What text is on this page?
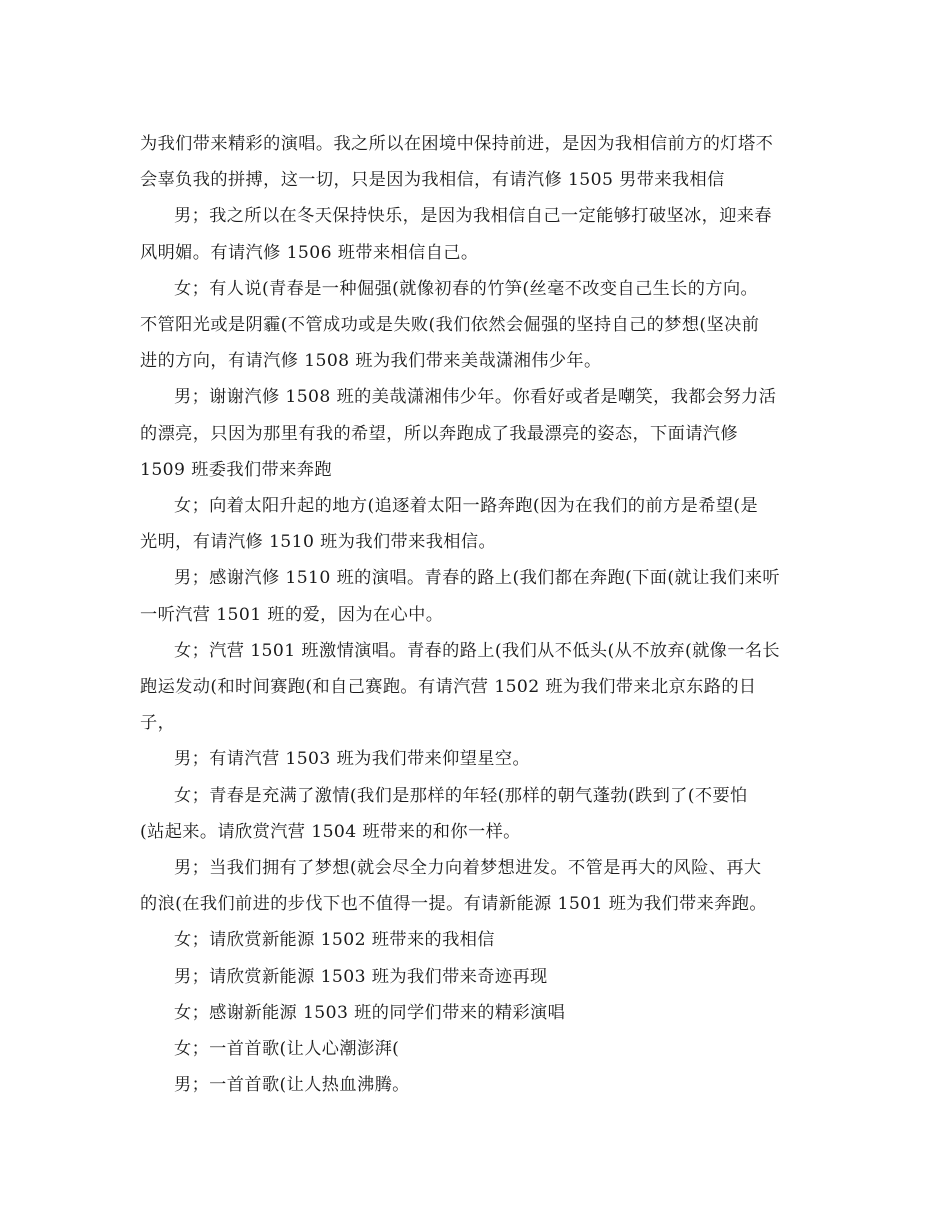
为我们带来精彩的演唱。我之所以在困境中保持前进，是因为我相信前方的灯塔不
会辜负我的拼搏，这一切，只是因为我相信，有请汽修 1505 男带来我相信
男；我之所以在冬天保持快乐，是因为我相信自己一定能够打破坚冰，迎来春
风明媚。有请汽修 1506 班带来相信自己。
女；有人说(青春是一种倔强(就像初春的竹笋(丝毫不改变自己生长的方向。
不管阳光或是阴霾(不管成功或是失败(我们依然会倔强的坚持自己的梦想(坚决前
进的方向，有请汽修 1508 班为我们带来美哉潇湘伟少年。
男；谢谢汽修 1508 班的美哉潇湘伟少年。你看好或者是嘲笑，我都会努力活
的漂亮，只因为那里有我的希望，所以奔跑成了我最漂亮的姿态，下面请汽修
1509 班委我们带来奔跑
女；向着太阳升起的地方(追逐着太阳一路奔跑(因为在我们的前方是希望(是
光明，有请汽修 1510 班为我们带来我相信。
男；感谢汽修 1510 班的演唱。青春的路上(我们都在奔跑(下面(就让我们来听
一听汽营 1501 班的爱，因为在心中。
女；汽营 1501 班激情演唱。青春的路上(我们从不低头(从不放弃(就像一名长
跑运发动(和时间赛跑(和自己赛跑。有请汽营 1502 班为我们带来北京东路的日
子，
男；有请汽营 1503 班为我们带来仰望星空。
女；青春是充满了激情(我们是那样的年轻(那样的朝气蓬勃(跌到了(不要怕
(站起来。请欣赏汽营 1504 班带来的和你一样。
男；当我们拥有了梦想(就会尽全力向着梦想进发。不管是再大的风险、再大
的浪(在我们前进的步伐下也不值得一提。有请新能源 1501 班为我们带来奔跑。
女；请欣赏新能源 1502 班带来的我相信
男；请欣赏新能源 1503 班为我们带来奇迹再现
女；感谢新能源 1503 班的同学们带来的精彩演唱
女；一首首歌(让人心潮澎湃(
男；一首首歌(让人热血沸腾。
